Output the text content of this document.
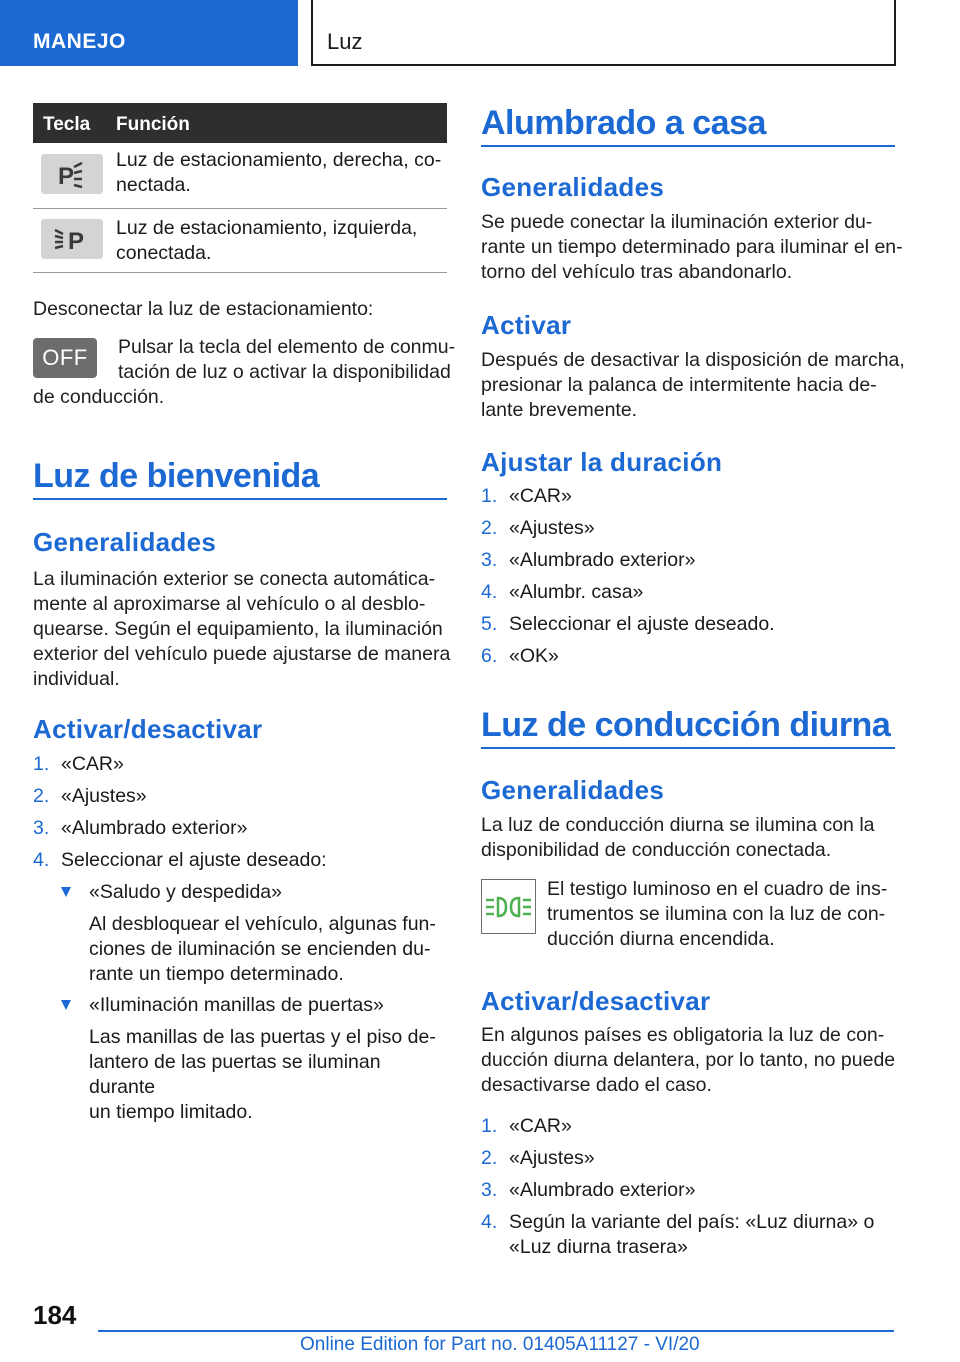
MANEJO	Luz
Tecla Función
P
Luz de estacionamiento, derecha, co-
nectada.
P Luz de estacionamiento, izquierda,
conectada.

Desconectar la luz de estacionamiento:

OFF	Pulsar la tecla del elemento de conmu-

tación de luz o activar la disponibilidad

de conducción.

Luz de bienvenida
Generalidades

La iluminación exterior se conecta automática-

mente al aproximarse al vehículo o al desblo-

quearse. Según el equipamiento, la iluminación

exterior del vehículo puede ajustarse de manera

individual.

Activar/desactivar
1. «CAR»
2. «Ajustes»
3. «Alumbrado exterior»
4. Seleccionar el ajuste deseado:

«Saludo y despedida»

Al desbloquear el vehículo, algunas fun-

ciones de iluminación se encienden du-

rante un tiempo determinado.

«Iluminación manillas de puertas»

Las manillas de las puertas y el piso de-

lantero de las puertas se iluminan durante

un tiempo limitado.

Alumbrado a casa
Generalidades

Se puede conectar la iluminación exterior du-

rante un tiempo determinado para iluminar el en-

torno del vehículo tras abandonarlo.

Activar

Después de desactivar la disposición de marcha,

presionar la palanca de intermitente hacia de-

lante brevemente.

Ajustar la duración
1. «CAR»
2. «Ajustes»
3. «Alumbrado exterior»
4. «Alumbr. casa»
5. Seleccionar el ajuste deseado.
6. «OK»
Luz de conducción diurna
Generalidades

La luz de conducción diurna se ilumina con la

disponibilidad de conducción conectada.

El testigo luminoso en el cuadro de ins-

trumentos se ilumina con la luz de con-

ducción diurna encendida.

Activar/desactivar

En algunos países es obligatoria la luz de con-

ducción diurna delantera, por lo tanto, no puede

desactivarse dado el caso.

1. «CAR»
2. «Ajustes»
3. «Alumbrado exterior»
4. Según la variante del país: «Luz diurna» o
«Luz diurna trasera»
184
Online Edition for Part no. 01405A11127 - VI/20
